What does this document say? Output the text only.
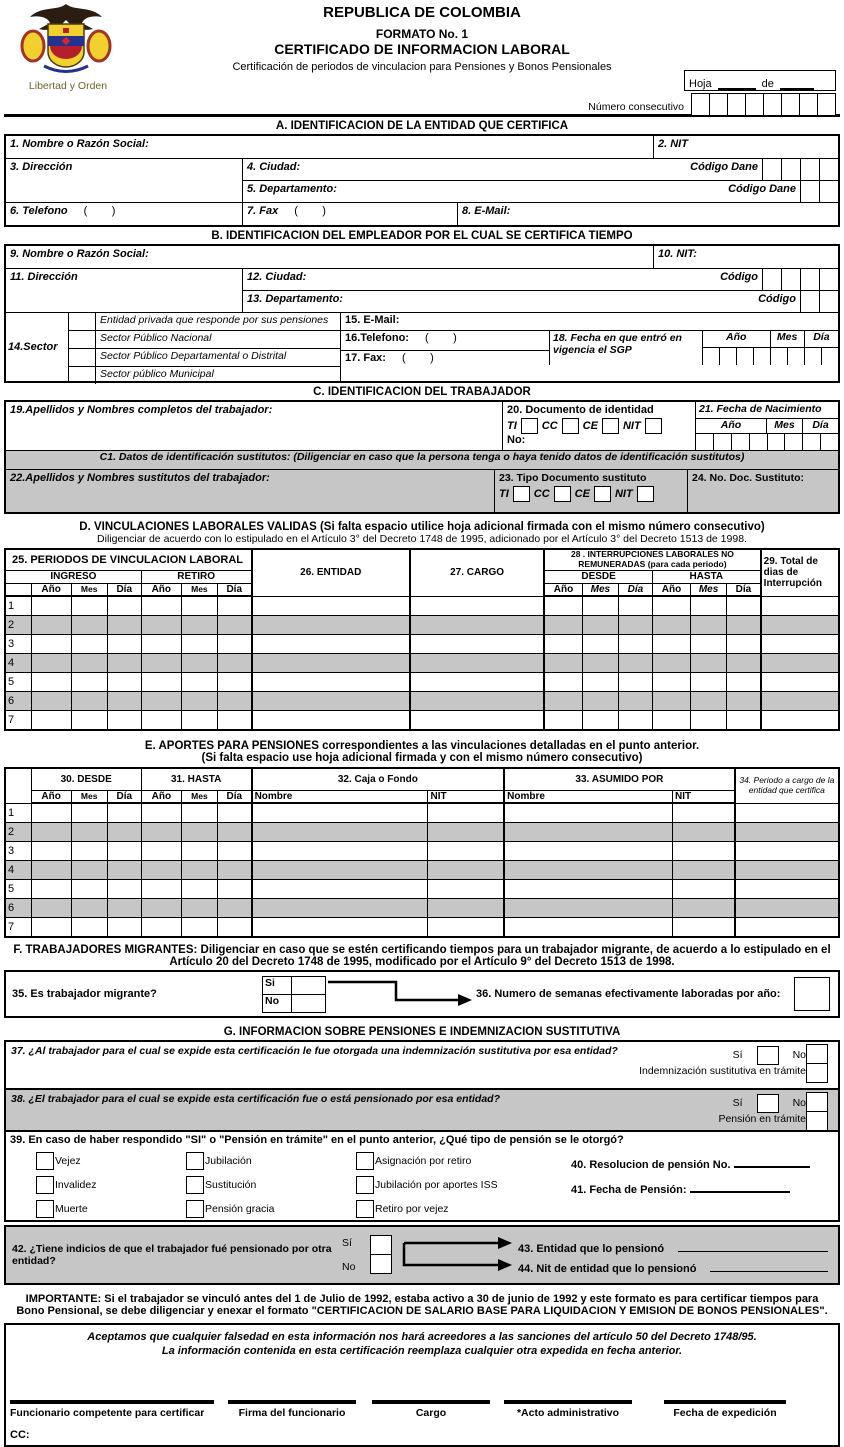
Libertad y Orden
REPUBLICA DE COLOMBIA
FORMATO No. 1
CERTIFICADO DE INFORMACION LABORAL
Certificación de periodos de vinculacion para Pensiones y Bonos Pensionales
Hoja	de
Número consecutivo
A. IDENTIFICACION DE LA ENTIDAD QUE CERTIFICA
1. Nombre o Razón Social:	2. NIT
3. Dirección	4. Ciudad:	Código Dane
5. Departamento:	Código Dane
6. Telefono (        )	7. Fax (        )	8. E-Mail:
B. IDENTIFICACION DEL EMPLEADOR POR EL CUAL SE CERTIFICA TIEMPO
9. Nombre o Razón Social:	10. NIT:
11. Dirección	12. Ciudad:	Código
13. Departamento:	Código
14.Sector
Entidad privada que responde por sus pensiones
Sector Público Nacional
Sector Público Departamental o Distrital
Sector público Municipal
15. E-Mail:
16.Telefono: (        )
17. Fax: (        )
18. Fecha en que entró en vigencia el SGP
Año	Mes	Día
C. IDENTIFICACION DEL TRABAJADOR
19.Apellidos y Nombres completos del trabajador:	20. Documento de identidad
TI CC CE NIT
No:
21. Fecha de Nacimiento
Año	Mes	Día
C1. Datos de identificación sustitutos: (Diligenciar en caso que la persona tenga o haya tenido datos de identificación sustitutos)
22.Apellidos y Nombres sustitutos del trabajador:	23. Tipo Documento sustituto
TI CC CE NIT
24. No. Doc. Sustituto:
D. VINCULACIONES LABORALES VALIDAS (Si falta espacio utilice hoja adicional firmada con el mismo número consecutivo)
Diligenciar de acuerdo con lo estipulado en el Artículo 3° del Decreto 1748 de 1995, adicionado por el Artículo 3° del Decreto 1513 de 1998.
25. PERIODOS DE VINCULACION LABORAL							26. ENTIDAD	27. CARGO	28 . INTERRUPCIONES LABORALES NO REMUNERADAS (para cada periodo)						29. Total de dias de Interrupción
INGRESO				RETIRO					DESDE			HASTA			
	Año	Mes	Día	Año	Mes	Día			Año	Mes	Día	Año	Mes	Día	
1															
2															
3															
4															
5															
6															
7															
E. APORTES PARA PENSIONES correspondientes a las vinculaciones detalladas en el punto anterior.
(Si falta espacio use hoja adicional firmada y con el mismo número consecutivo)
	30. DESDE			31. HASTA			32. Caja o Fondo		33. ASUMIDO POR		34. Periodo a cargo de la entidad que certifica
	Año	Mes	Día	Año	Mes	Día	Nombre	NIT	Nombre	NIT	
1											
2											
3											
4											
5											
6											
7											
F. TRABAJADORES MIGRANTES: Diligenciar en caso que se estén certificando tiempos para un trabajador migrante, de acuerdo a lo estipulado en el Artículo 20 del Decreto 1748 de 1995, modificado por el Artículo 9° del Decreto 1513 de 1998.
35. Es trabajador migrante?
Si
No
36. Numero de semanas efectivamente laboradas por año:
G. INFORMACION SOBRE PENSIONES E INDEMNIZACION SUSTITUTIVA
37. ¿Al trabajador para el cual se expide esta certificación le fue otorgada una indemnización sustitutiva por esa entidad?	Sí	No
Indemnización sustitutiva en trámite
38. ¿El trabajador para el cual se expide esta certificación fue o está pensionado por esa entidad?	Sí	No
Pensión en trámite
39. En caso de haber respondido "SI" o "Pensión en trámite" en el punto anterior, ¿Qué tipo de pensión se le otorgó?
Vejez
Invalidez
Muerte
Jubilación
Sustitución
Pensión gracia
Asignación por retiro
Jubilación por aportes ISS
Retiro por vejez
40. Resolucion de pensión No.
41. Fecha de Pensión:
42. ¿Tiene indicios de que el trabajador fué pensionado por otra entidad?
Sí
No
43. Entidad que lo pensionó
44. Nit de entidad que lo pensionó
IMPORTANTE: Si el trabajador se vinculó antes del 1 de Julio de 1992, estaba activo a 30 de junio de 1992 y este formato es para certificar tiempos para Bono Pensional, se debe diligenciar y enexar el formato "CERTIFICACION DE SALARIO BASE PARA LIQUIDACION Y EMISION DE BONOS PENSIONALES".
Aceptamos que cualquier falsedad en esta información nos hará acreedores a las sanciones del artículo 50 del Decreto 1748/95.
La información contenida en esta certificación reemplaza cualquier otra expedida en fecha anterior.
Funcionario competente para certificar	Firma del funcionario	Cargo	*Acto administrativo	Fecha de expedición
CC:
